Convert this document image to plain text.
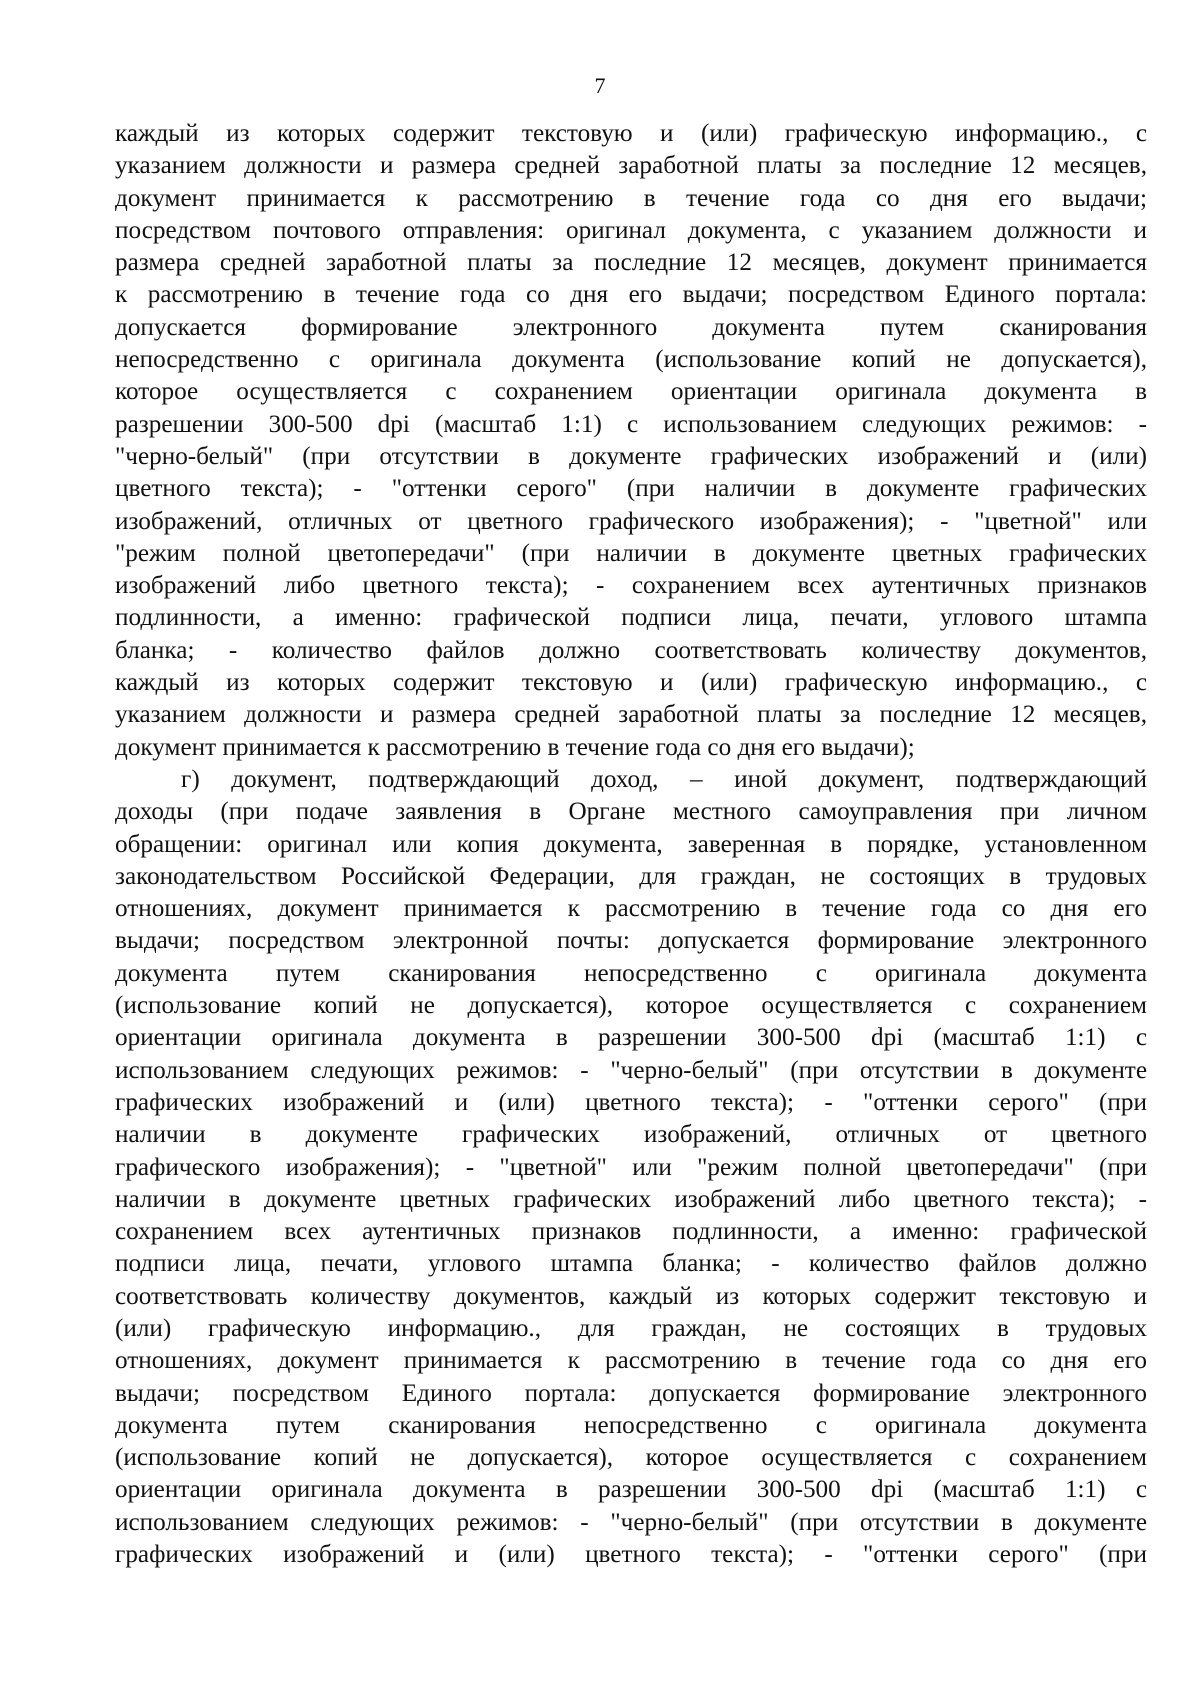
7
каждый из которых содержит текстовую и (или) графическую информацию., с
указанием должности и размера средней заработной платы за последние 12 месяцев,
документ принимается к рассмотрению в течение года со дня его выдачи;
посредством почтового отправления: оригинал документа, с указанием должности и
размера средней заработной платы за последние 12 месяцев, документ принимается
к рассмотрению в течение года со дня его выдачи; посредством Единого портала:
допускается формирование электронного документа путем сканирования
непосредственно с оригинала документа (использование копий не допускается),
которое осуществляется с сохранением ориентации оригинала документа в
разрешении 300-500 dpi (масштаб 1:1) с использованием следующих режимов: -
"черно-белый" (при отсутствии в документе графических изображений и (или)
цветного текста); - "оттенки серого" (при наличии в документе графических
изображений, отличных от цветного графического изображения); - "цветной" или
"режим полной цветопередачи" (при наличии в документе цветных графических
изображений либо цветного текста); - сохранением всех аутентичных признаков
подлинности, а именно: графической подписи лица, печати, углового штампа
бланка; - количество файлов должно соответствовать количеству документов,
каждый из которых содержит текстовую и (или) графическую информацию., с
указанием должности и размера средней заработной платы за последние 12 месяцев,
документ принимается к рассмотрению в течение года со дня его выдачи);
г) документ, подтверждающий доход, – иной документ, подтверждающий
доходы (при подаче заявления в Органе местного самоуправления при личном
обращении: оригинал или копия документа, заверенная в порядке, установленном
законодательством Российской Федерации, для граждан, не состоящих в трудовых
отношениях, документ принимается к рассмотрению в течение года со дня его
выдачи; посредством электронной почты: допускается формирование электронного
документа путем сканирования непосредственно с оригинала документа
(использование копий не допускается), которое осуществляется с сохранением
ориентации оригинала документа в разрешении 300-500 dpi (масштаб 1:1) с
использованием следующих режимов: - "черно-белый" (при отсутствии в документе
графических изображений и (или) цветного текста); - "оттенки серого" (при
наличии в документе графических изображений, отличных от цветного
графического изображения); - "цветной" или "режим полной цветопередачи" (при
наличии в документе цветных графических изображений либо цветного текста); -
сохранением всех аутентичных признаков подлинности, а именно: графической
подписи лица, печати, углового штампа бланка; - количество файлов должно
соответствовать количеству документов, каждый из которых содержит текстовую и
(или) графическую информацию., для граждан, не состоящих в трудовых
отношениях, документ принимается к рассмотрению в течение года со дня его
выдачи; посредством Единого портала: допускается формирование электронного
документа путем сканирования непосредственно с оригинала документа
(использование копий не допускается), которое осуществляется с сохранением
ориентации оригинала документа в разрешении 300-500 dpi (масштаб 1:1) с
использованием следующих режимов: - "черно-белый" (при отсутствии в документе
графических изображений и (или) цветного текста); - "оттенки серого" (при
